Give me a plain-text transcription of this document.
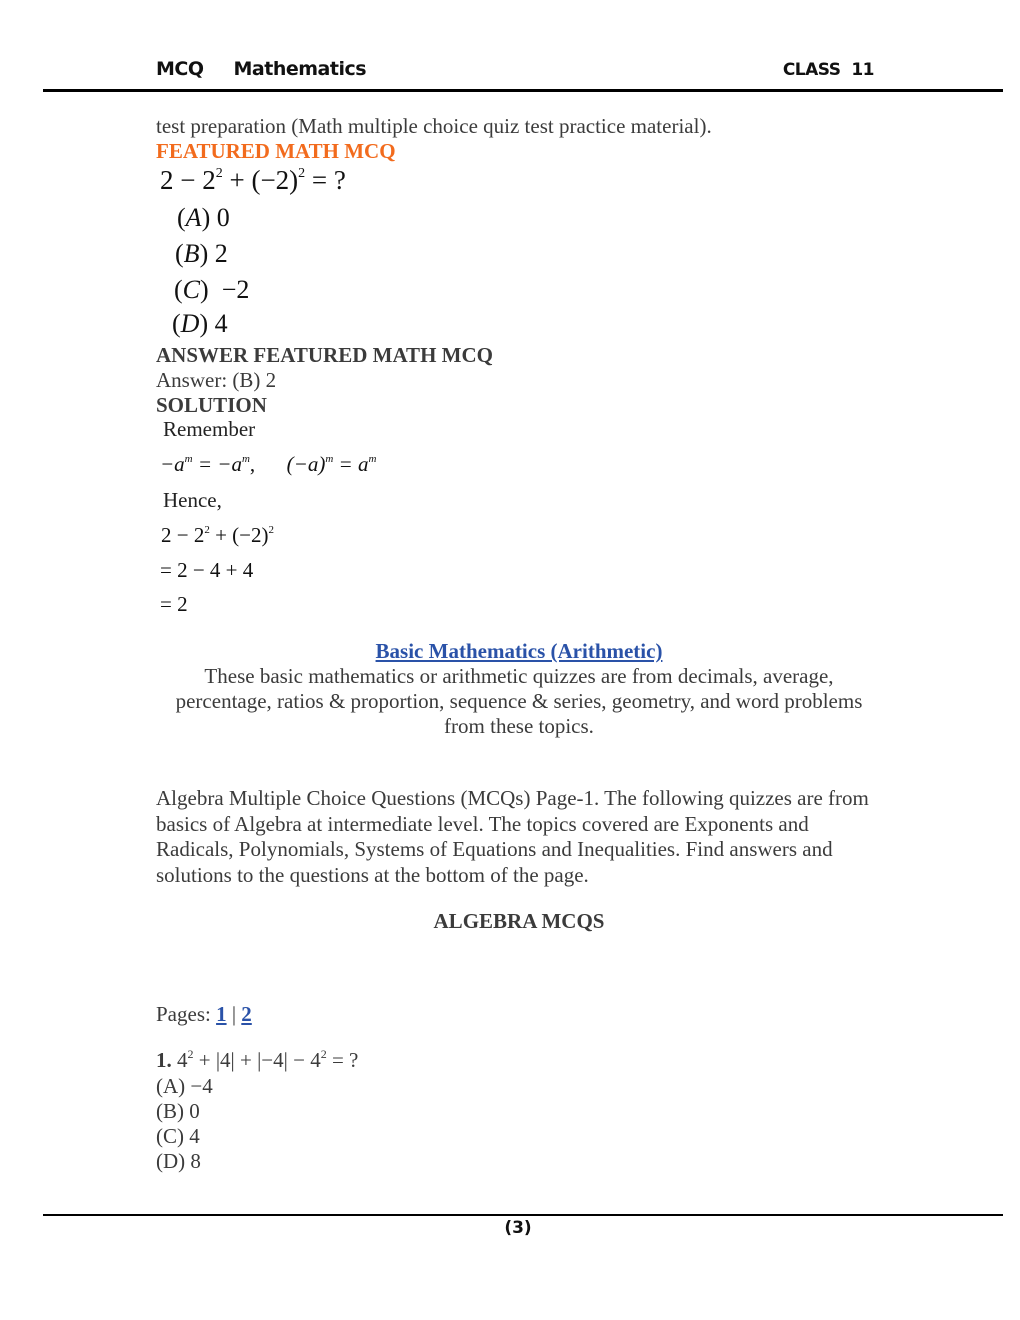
MCQ Mathematics	CLASS  11
test preparation (Math multiple choice quiz test practice material).
FEATURED MATH MCQ
$2 - 2^2 + (-2)^2$ = ?
(A) 0
(B) 2
(C)  −2
(D) 4
ANSWER FEATURED MATH MCQ
Answer: (B) 2
SOLUTION
Remember
$-a^m = -a^m$, $(-a)^m = a^m$
Hence,
$2 - 2^2 + (-2)^2$
= 2 − 4 + 4
= 2
Basic Mathematics (Arithmetic)
These basic mathematics or arithmetic quizzes are from decimals, average, percentage, ratios & proportion, sequence & series, geometry, and word problems from these topics.
Algebra Multiple Choice Questions (MCQs) Page-1. The following quizzes are from basics of Algebra at intermediate level. The topics covered are Exponents and Radicals, Polynomials, Systems of Equations and Inequalities. Find answers and solutions to the questions at the bottom of the page.
ALGEBRA MCQS
Pages: 1 | 2
1. $4^2 + |4| + |-4| - 4^2$ = ?
(A) −4
(B) 0
(C) 4
(D) 8
(3)
